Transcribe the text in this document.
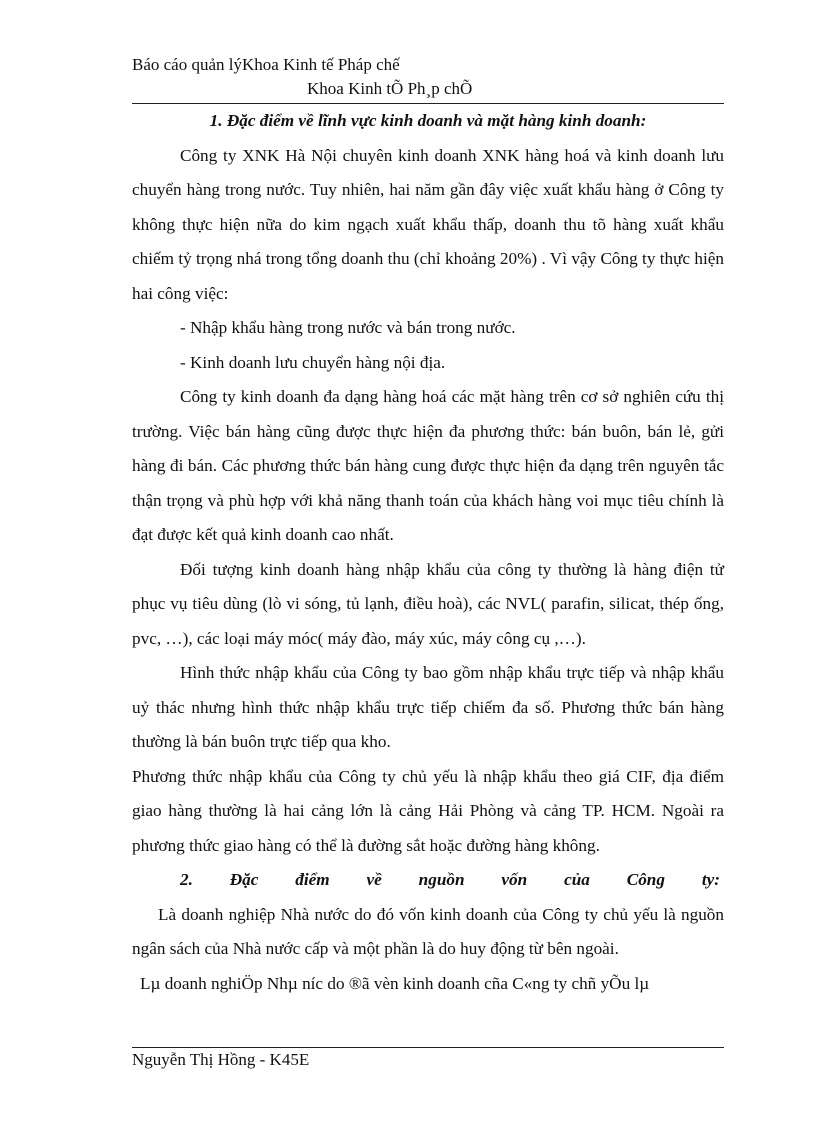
Báo cáo quản lýKhoa Kinh tế Pháp chế
Khoa Kinh tÕ Ph¸p chÕ

1. Đặc điểm về lĩnh vực kinh doanh và mặt hàng kinh doanh:

Công ty XNK Hà Nội chuyên kinh doanh XNK hàng hoá và kinh doanh lưu chuyển hàng trong nước. Tuy nhiên, hai năm gần đây việc xuất khẩu hàng ở Công ty không thực hiện nữa do kim ngạch xuất khẩu thấp, doanh thu tõ hàng xuất khẩu chiếm tỷ trọng nhá trong tổng doanh thu (chỉ khoảng 20%) . Vì vậy Công ty thực hiện hai công việc:

- Nhập khẩu hàng trong nước và bán trong nước.

- Kinh doanh lưu chuyển hàng nội địa.

Công ty kinh doanh đa dạng hàng hoá các mặt hàng trên cơ sở nghiên cứu thị trường. Việc bán hàng cũng được thực hiện đa phương thức: bán buôn, bán lẻ, gửi hàng đi bán. Các phương thức bán hàng cung được thực hiện đa dạng trên nguyên tắc thận trọng và phù hợp với khả năng thanh toán của khách hàng voi mục tiêu chính là đạt được kết quả kinh doanh cao nhất.

Đối tượng kinh doanh hàng nhập khẩu của công ty thường là hàng điện tử phục vụ tiêu dùng (lò vi sóng, tủ lạnh, điều hoà), các NVL( parafin, silicat, thép ống, pvc, …), các loại máy móc( máy đào, máy xúc, máy công cụ ,…).

Hình thức nhập khẩu của Công ty bao gồm nhập khẩu trực tiếp và nhập khẩu uỷ thác nhưng hình thức nhập khẩu trực tiếp chiếm đa số. Phương thức bán hàng thường là bán buôn trực tiếp qua kho.

Phương thức nhập khẩu của Công ty chủ yếu là nhập khẩu theo giá CIF, địa điểm giao hàng thường là hai cảng lớn là cảng Hải Phòng và cảng TP. HCM. Ngoài ra phương thức giao hàng có thể là đường sắt hoặc đường hàng không.

2. Đặc điểm về nguồn vốn của Công ty:

Là doanh nghiệp Nhà nước do đó vốn kinh doanh của Công ty chủ yếu là nguồn ngân sách của Nhà nước cấp và một phần là do huy động từ bên ngoài.

Lµ doanh nghiÖp Nhµ níc do ®ã vèn kinh doanh cña C«ng ty chñ yÕu lµ

Nguyễn Thị Hồng - K45E
